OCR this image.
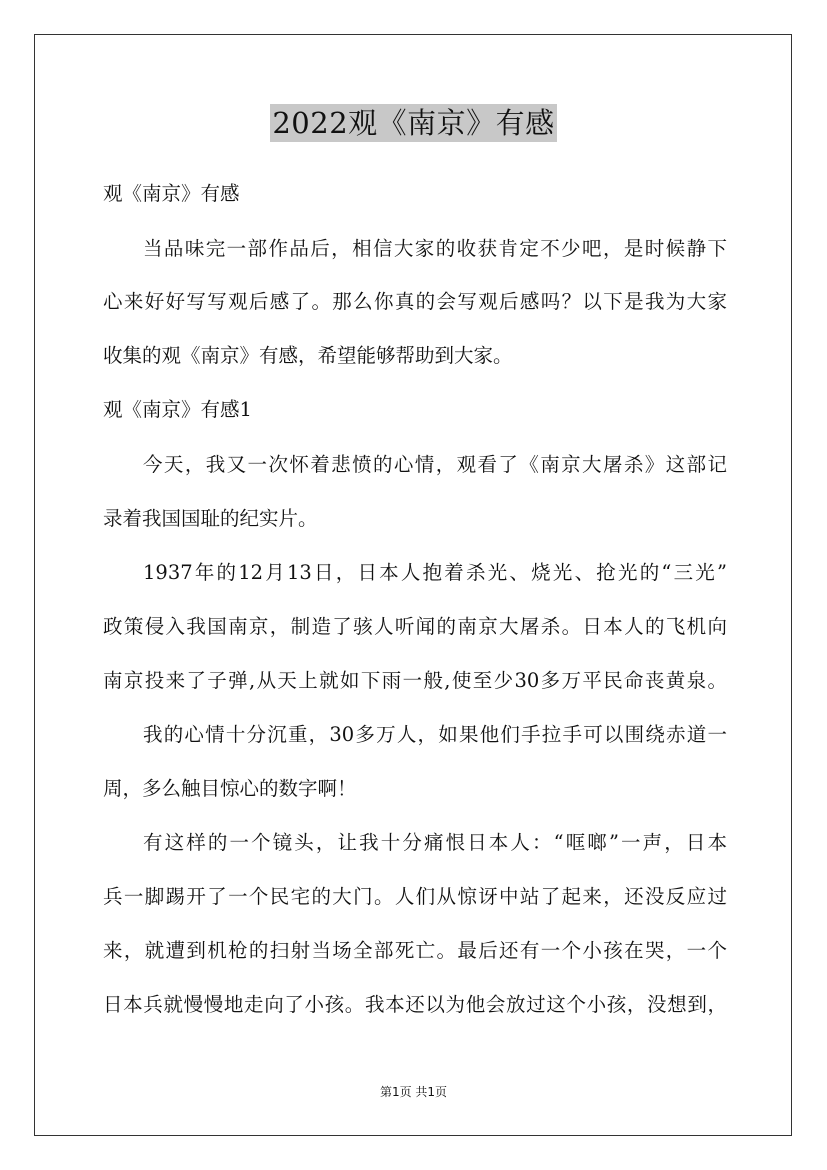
2022观《南京》有感
观《南京》有感
当品味完一部作品后，相信大家的收获肯定不少吧，是时候静下
心来好好写写观后感了。那么你真的会写观后感吗？以下是我为大家
收集的观《南京》有感，希望能够帮助到大家。
观《南京》有感1
今天，我又一次怀着悲愤的心情，观看了《南京大屠杀》这部记
录着我国国耻的纪实片。
1937年的12月13日，日本人抱着杀光、烧光、抢光的“三光”
政策侵入我国南京，制造了骇人听闻的南京大屠杀。日本人的飞机向
南京投来了子弹,从天上就如下雨一般,使至少30多万平民命丧黄泉。
我的心情十分沉重，30多万人，如果他们手拉手可以围绕赤道一
周，多么触目惊心的数字啊！
有这样的一个镜头，让我十分痛恨日本人：“哐啷”一声，日本
兵一脚踢开了一个民宅的大门。人们从惊讶中站了起来，还没反应过
来，就遭到机枪的扫射当场全部死亡。最后还有一个小孩在哭，一个
日本兵就慢慢地走向了小孩。我本还以为他会放过这个小孩，没想到，
第1页 共1页
